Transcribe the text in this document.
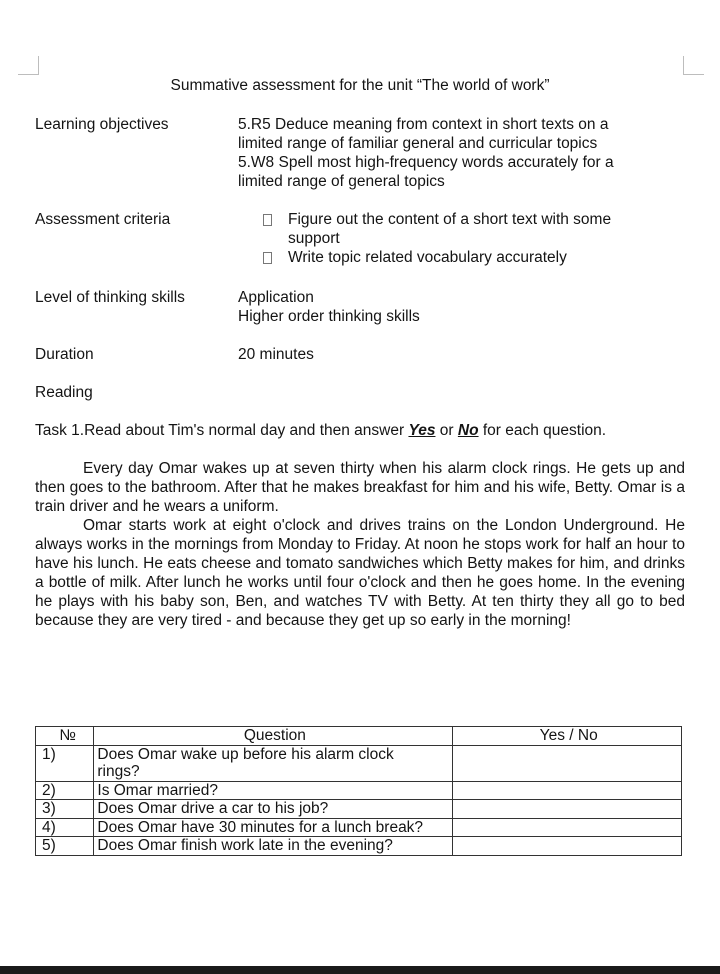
Summative assessment for the unit “The world of work”
Learning objectives	5.R5 Deduce meaning from context in short texts on a
limited range of familiar general and curricular topics
5.W8 Spell most high-frequency words accurately for a
limited range of general topics
Assessment criteria	Figure out the content of a short text with some
support
Write topic related vocabulary accurately
Level of thinking skills	Application
Higher order thinking skills
Duration	20 minutes
Reading
Task 1.Read about Tim's normal day and then answer Yes or No for each question.

Every day Omar wakes up at seven thirty when his alarm clock rings. He gets up and then goes to the bathroom. After that he makes breakfast for him and his wife, Betty. Omar is a train driver and he wears a uniform.

Omar starts work at eight o'clock and drives trains on the London Underground. He always works in the mornings from Monday to Friday. At noon he stops work for half an hour to have his lunch. He eats cheese and tomato sandwiches which Betty makes for him, and drinks a bottle of milk. After lunch he works until four o'clock and then he goes home. In the evening he plays with his baby son, Ben, and watches TV with Betty. At ten thirty they all go to bed because they are very tired - and because they get up so early in the morning!

№	Question	Yes / No
1)	Does Omar wake up before his alarm clock
rings?	
2)	Is Omar married?	
3)	Does Omar drive a car to his job?	
4)	Does Omar have 30 minutes for a lunch break?	
5)	Does Omar finish work late in the evening?	
